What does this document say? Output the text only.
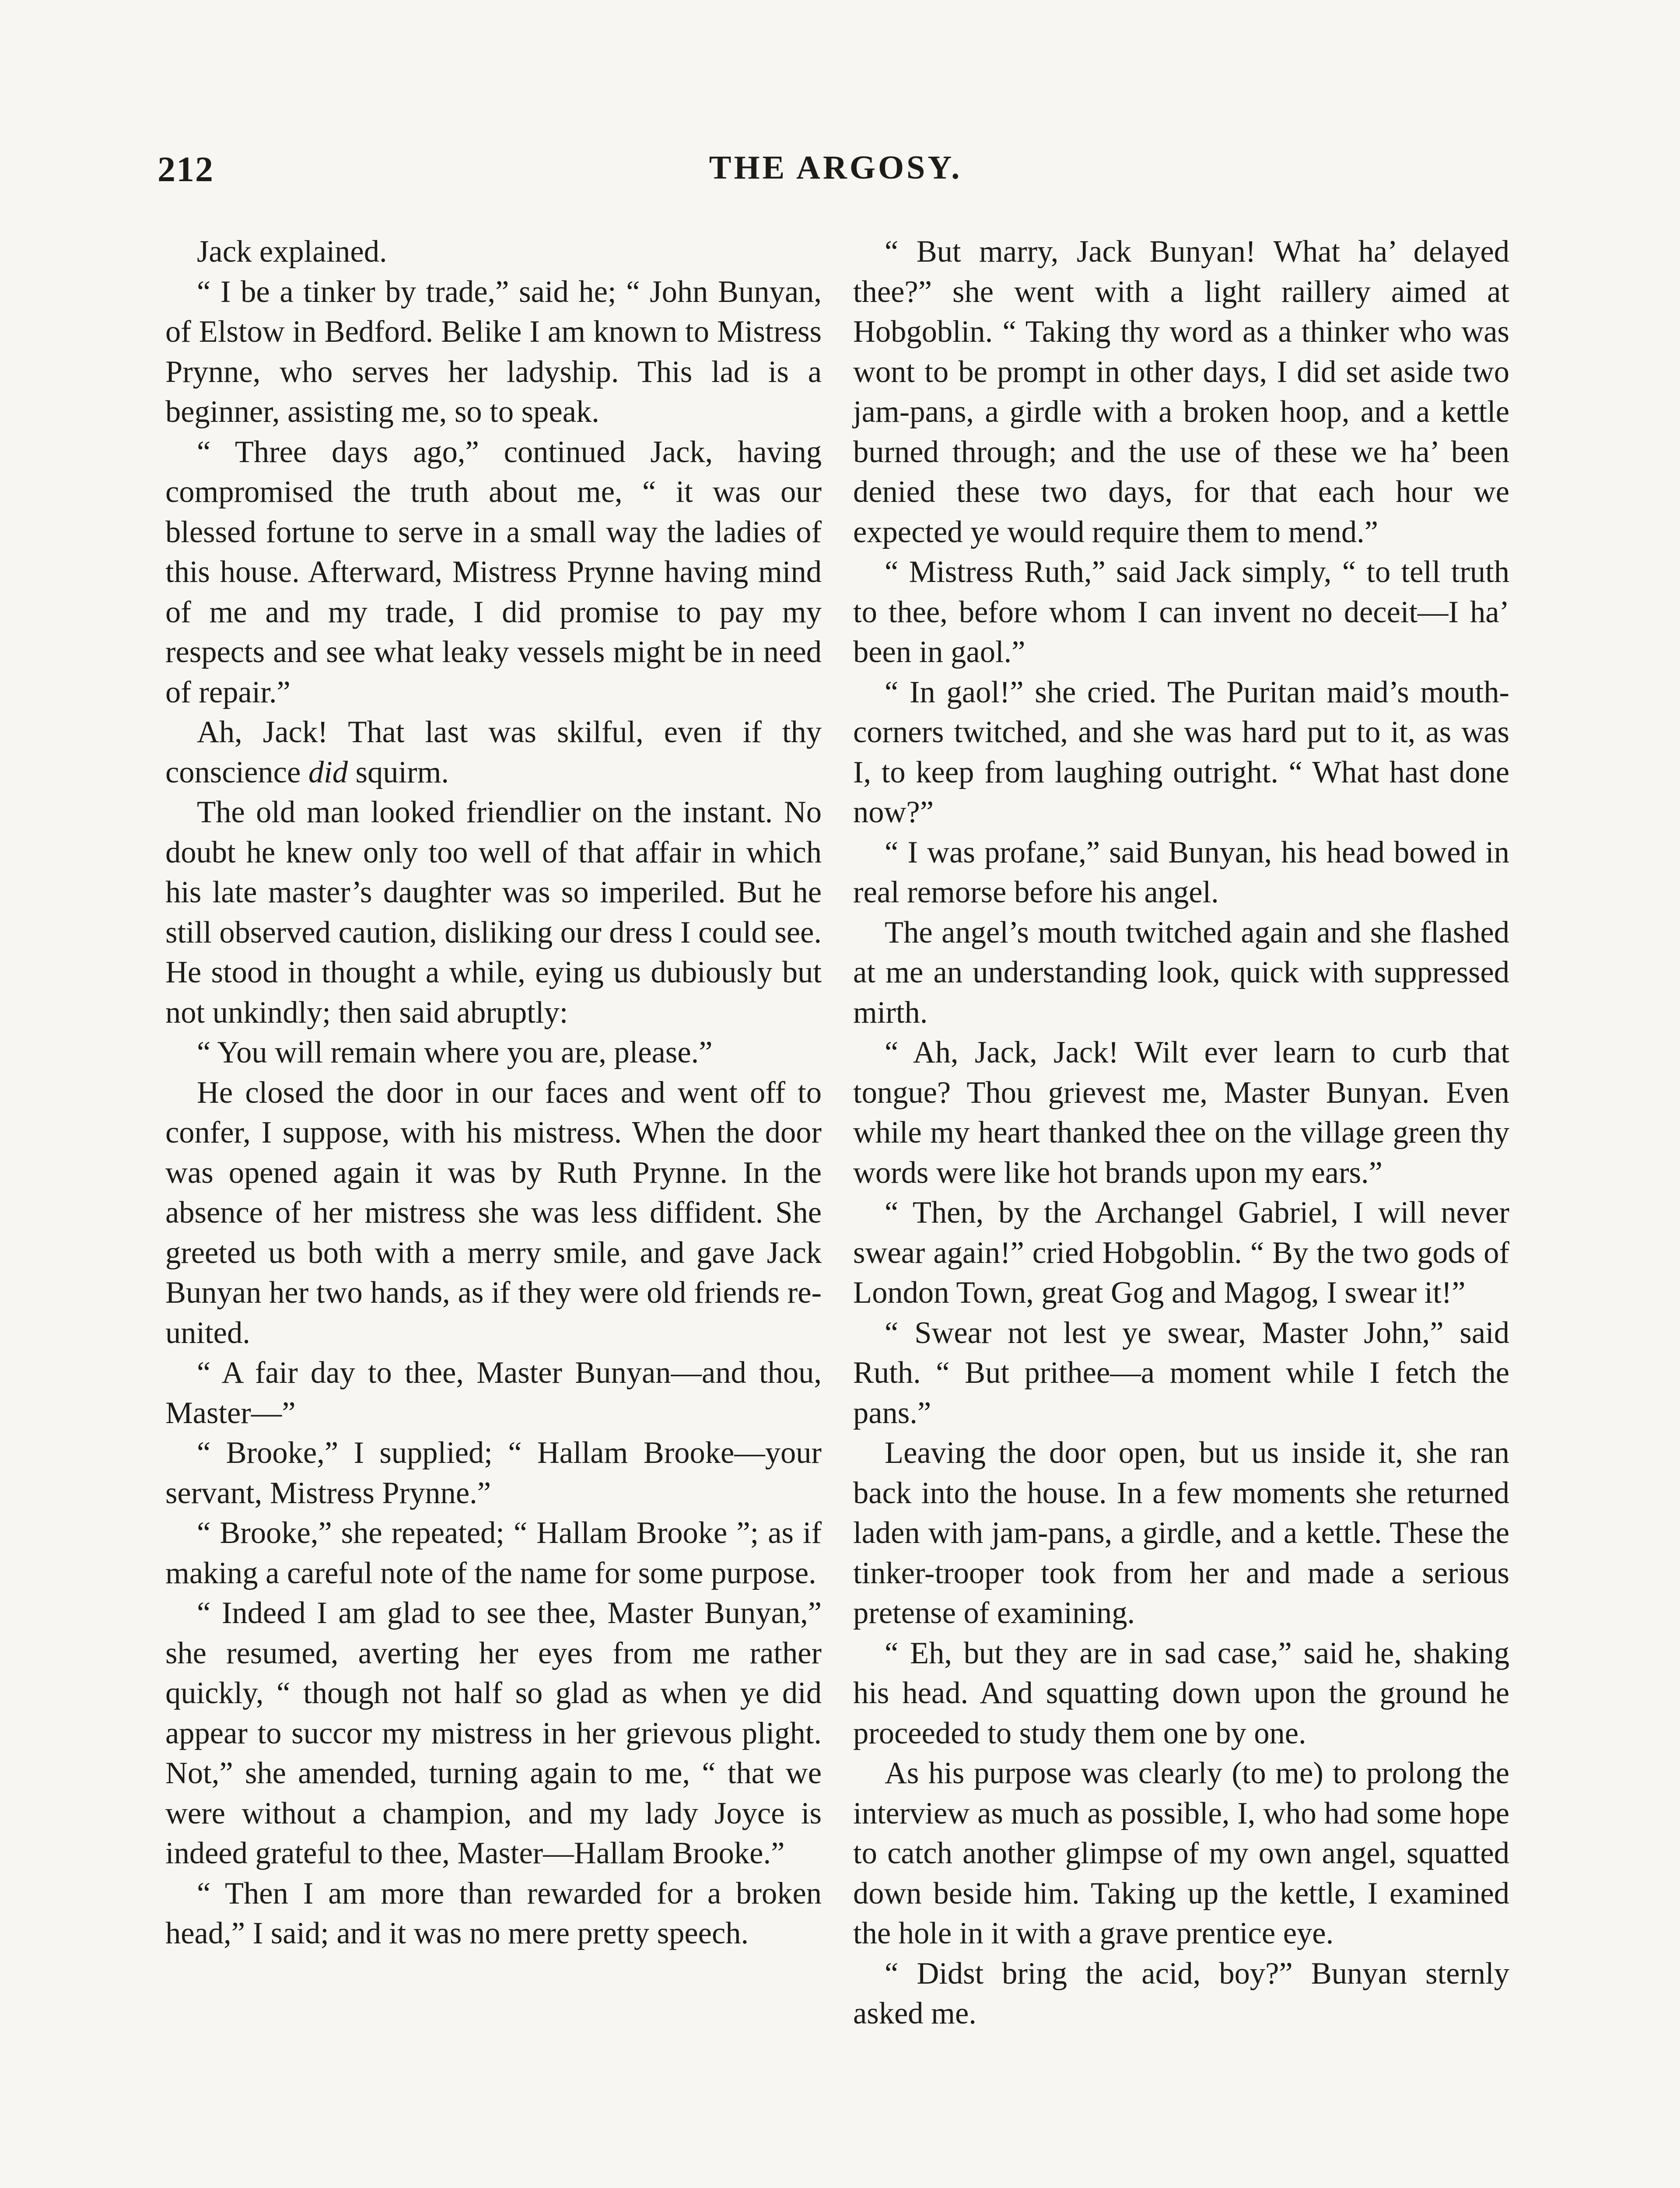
212	THE ARGOSY.

Jack explained.

“ I be a tinker by trade,” said he; “ John Bunyan, of Elstow in Bedford. Belike I am known to Mistress Prynne, who serves her ladyship. This lad is a beginner, assisting me, so to speak.

“ Three days ago,” continued Jack, having compromised the truth about me, “ it was our blessed fortune to serve in a small way the ladies of this house. Afterward, Mistress Prynne having mind of me and my trade, I did promise to pay my respects and see what leaky vessels might be in need of repair.”

Ah, Jack! That last was skilful, even if thy conscience did squirm.

The old man looked friendlier on the instant. No doubt he knew only too well of that affair in which his late master’s daughter was so imperiled. But he still observed caution, disliking our dress I could see. He stood in thought a while, eying us dubiously but not unkindly; then said abruptly:

“ You will remain where you are, please.”

He closed the door in our faces and went off to confer, I suppose, with his mistress. When the door was opened again it was by Ruth Prynne. In the absence of her mistress she was less diffident. She greeted us both with a merry smile, and gave Jack Bunyan her two hands, as if they were old friends re-united.

“ A fair day to thee, Master Bunyan—and thou, Master—”

“ Brooke,” I supplied; “ Hallam Brooke—your servant, Mistress Prynne.”

“ Brooke,” she repeated; “ Hallam Brooke ”; as if making a careful note of the name for some purpose.

“ Indeed I am glad to see thee, Master Bunyan,” she resumed, averting her eyes from me rather quickly, “ though not half so glad as when ye did appear to succor my mistress in her grievous plight. Not,” she amended, turning again to me, “ that we were without a champion, and my lady Joyce is indeed grateful to thee, Master—Hallam Brooke.”

“ Then I am more than rewarded for a broken head,” I said; and it was no mere pretty speech.

“ But marry, Jack Bunyan! What ha’ delayed thee?” she went with a light raillery aimed at Hobgoblin. “ Taking thy word as a thinker who was wont to be prompt in other days, I did set aside two jam-pans, a girdle with a broken hoop, and a kettle burned through; and the use of these we ha’ been denied these two days, for that each hour we expected ye would require them to mend.”

“ Mistress Ruth,” said Jack simply, “ to tell truth to thee, before whom I can invent no deceit—I ha’ been in gaol.”

“ In gaol!” she cried. The Puritan maid’s mouth-corners twitched, and she was hard put to it, as was I, to keep from laughing outright. “ What hast done now?”

“ I was profane,” said Bunyan, his head bowed in real remorse before his angel.

The angel’s mouth twitched again and she flashed at me an understanding look, quick with suppressed mirth.

“ Ah, Jack, Jack! Wilt ever learn to curb that tongue? Thou grievest me, Master Bunyan. Even while my heart thanked thee on the village green thy words were like hot brands upon my ears.”

“ Then, by the Archangel Gabriel, I will never swear again!” cried Hobgoblin. “ By the two gods of London Town, great Gog and Magog, I swear it!”

“ Swear not lest ye swear, Master John,” said Ruth. “ But prithee—a moment while I fetch the pans.”

Leaving the door open, but us inside it, she ran back into the house. In a few moments she returned laden with jam-pans, a girdle, and a kettle. These the tinker-trooper took from her and made a serious pretense of examining.

“ Eh, but they are in sad case,” said he, shaking his head. And squatting down upon the ground he proceeded to study them one by one.

As his purpose was clearly (to me) to prolong the interview as much as possible, I, who had some hope to catch another glimpse of my own angel, squatted down beside him. Taking up the kettle, I examined the hole in it with a grave prentice eye.

“ Didst bring the acid, boy?” Bunyan sternly asked me.
